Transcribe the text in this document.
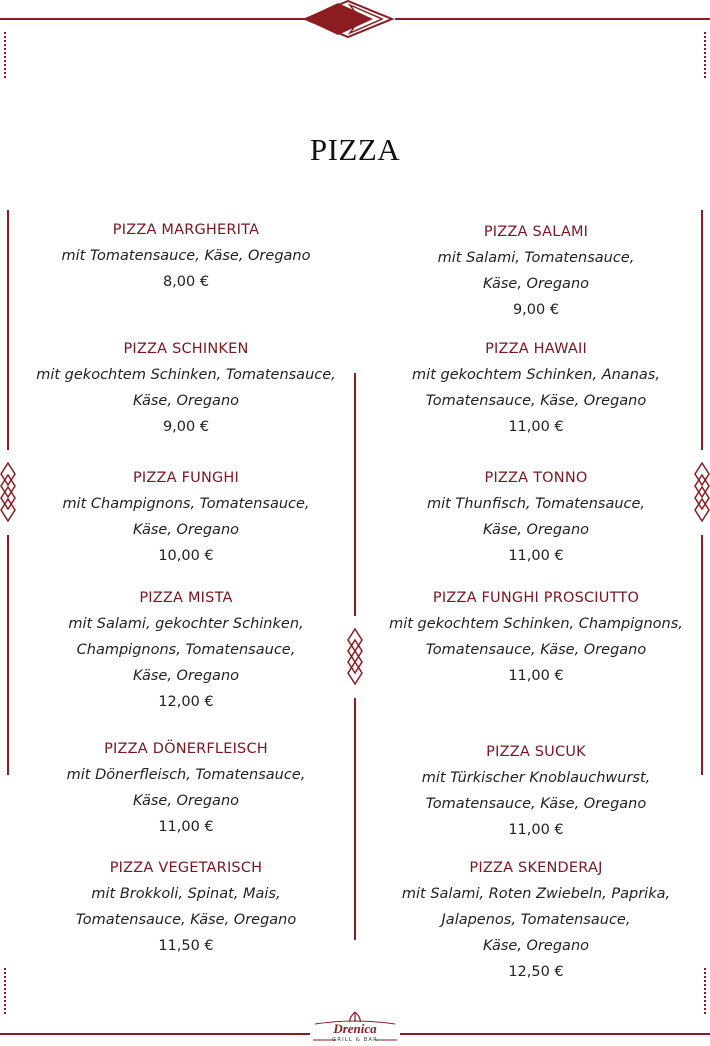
PIZZA
PIZZA MARGHERITA
mit Tomatensauce, Käse, Oregano
8,00 €
PIZZA SCHINKEN
mit gekochtem Schinken, Tomatensauce,
Käse, Oregano
9,00 €
PIZZA FUNGHI
mit Champignons, Tomatensauce,
Käse, Oregano
10,00 €
PIZZA MISTA
mit Salami, gekochter Schinken,
Champignons, Tomatensauce,
Käse, Oregano
12,00 €
PIZZA DÖNERFLEISCH
mit Dönerfleisch, Tomatensauce,
Käse, Oregano
11,00 €
PIZZA VEGETARISCH
mit Brokkoli, Spinat, Mais,
Tomatensauce, Käse, Oregano
11,50 €
PIZZA SALAMI
mit Salami, Tomatensauce,
Käse, Oregano
9,00 €
PIZZA HAWAII
mit gekochtem Schinken, Ananas,
Tomatensauce, Käse, Oregano
11,00 €
PIZZA TONNO
mit Thunfisch, Tomatensauce,
Käse, Oregano
11,00 €
PIZZA FUNGHI PROSCIUTTO
mit gekochtem Schinken, Champignons,
Tomatensauce, Käse, Oregano
11,00 €
PIZZA SUCUK
mit Türkischer Knoblauchwurst,
Tomatensauce, Käse, Oregano
11,00 €
PIZZA SKENDERAJ
mit Salami, Roten Zwiebeln, Paprika,
Jalapenos, Tomatensauce,
Käse, Oregano
12,50 €
Drenica
GRILL & BAR
